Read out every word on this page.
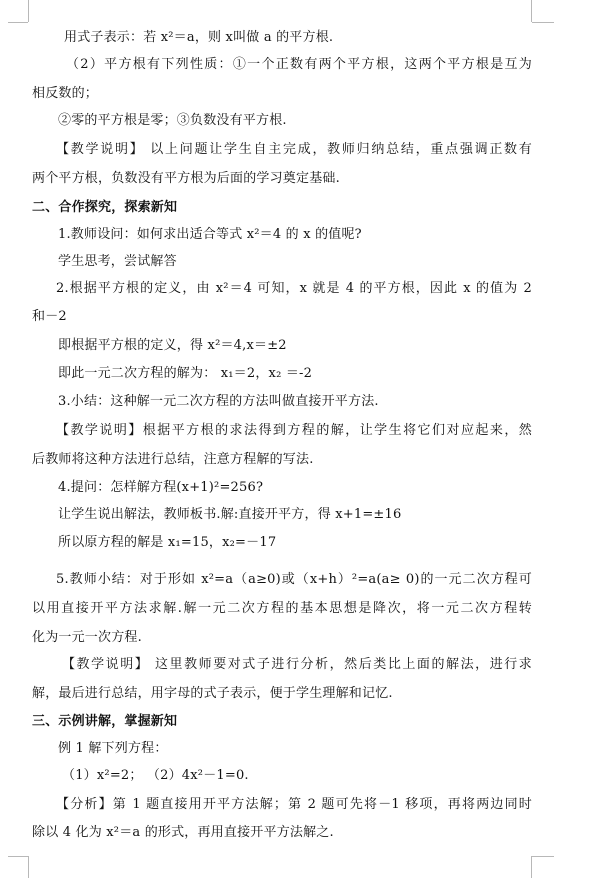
用式子表示：若 x²＝a，则 x叫做 a 的平方根.
（2）平方根有下列性质：①一个正数有两个平方根，这两个平方根是互为
相反数的；
②零的平方根是零；③负数没有平方根.
【教学说明】 以上问题让学生自主完成，教师归纳总结，重点强调正数有
两个平方根，负数没有平方根为后面的学习奠定基础.
二、合作探究，探索新知
1.教师设问：如何求出适合等式 x²＝4 的 x 的值呢?
学生思考，尝试解答
2.根据平方根的定义，由 x²＝4 可知，x 就是 4 的平方根，因此 x 的值为 2
和－2
即根据平方根的定义，得 x²＝4,x＝±2
即此一元二次方程的解为： x₁＝2，x₂ ＝-2
3.小结：这种解一元二次方程的方法叫做直接开平方法.
【教学说明】根据平方根的求法得到方程的解，让学生将它们对应起来，然
后教师将这种方法进行总结，注意方程解的写法.
4.提问：怎样解方程(x+1)²=256?
让学生说出解法，教师板书.解:直接开平方，得 x+1=±16
所以原方程的解是 x₁=15，x₂=－17
5.教师小结：对于形如 x²=a（a≥0)或（x+h）²=a(a≥ 0)的一元二次方程可
以用直接开平方法求解.解一元二次方程的基本思想是降次，将一元二次方程转
化为一元一次方程.
【教学说明】 这里教师要对式子进行分析，然后类比上面的解法，进行求
解，最后进行总结，用字母的式子表示，便于学生理解和记忆.
三、示例讲解，掌握新知
例 1 解下列方程：
（1）x²=2； （2）4x²－1=0.
【分析】第 1 题直接用开平方法解；第 2 题可先将－1 移项，再将两边同时
除以 4 化为 x²＝a 的形式，再用直接开平方法解之.
